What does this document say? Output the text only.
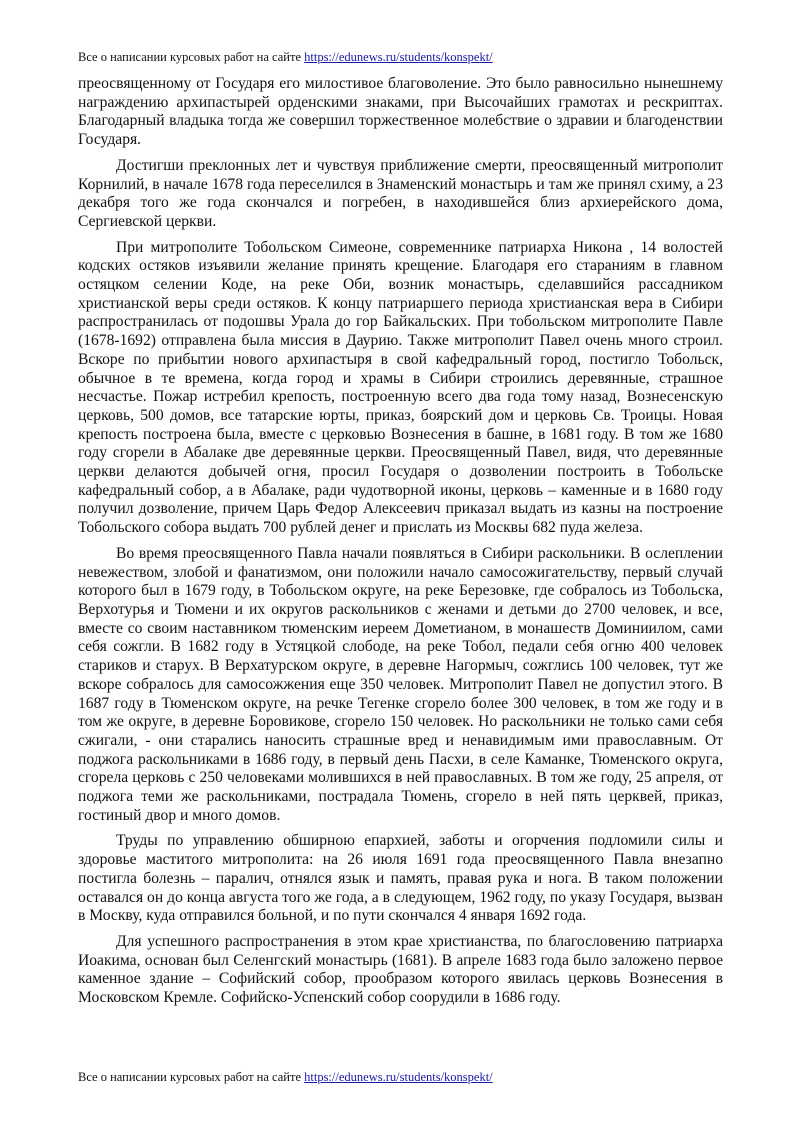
Все о написании курсовых работ на сайте https://edunews.ru/students/konspekt/

преосвященному от Государя его милостивое благоволение. Это было равносильно нынешнему награждению архипастырей орденскими знаками, при Высочайших грамотах и рескриптах. Благодарный владыка тогда же совершил торжественное молебствие о здравии и благоденствии Государя.

Достигши преклонных лет и чувствуя приближение смерти, преосвященный митрополит Корнилий, в начале 1678 года переселился в Знаменский монастырь и там же принял схиму, а 23 декабря того же года скончался и погребен, в находившейся близ архиерейского дома, Сергиевской церкви.

При митрополите Тобольском Симеоне, современнике патриарха Никона , 14 волостей кодских остяков изъявили желание принять крещение. Благодаря его стараниям в главном остяцком селении Коде, на реке Оби, возник монастырь, сделавшийся рассадником христианской веры среди остяков. К концу патриаршего периода христианская вера в Сибири распространилась от подошвы Урала до гор Байкальских. При тобольском митрополите Павле (1678-1692) отправлена была миссия в Даурию. Также митрополит Павел очень много строил. Вскоре по прибытии нового архипастыря в свой кафедральный город, постигло Тобольск, обычное в те времена, когда город и храмы в Сибири строились деревянные, страшное несчастье. Пожар истребил крепость, построенную всего два года тому назад, Вознесенскую церковь, 500 домов, все татарские юрты, приказ, боярский дом и церковь Св. Троицы. Новая крепость построена была, вместе с церковью Вознесения в башне, в 1681 году. В том же 1680 году сгорели в Абалаке две деревянные церкви. Преосвященный Павел, видя, что деревянные церкви делаются добычей огня, просил Государя о дозволении построить в Тобольске кафедральный собор, а в Абалаке, ради чудотворной иконы, церковь – каменные и в 1680 году получил дозволение, причем Царь Федор Алексеевич приказал выдать из казны на построение Тобольского собора выдать 700 рублей денег и прислать из Москвы 682 пуда железа.

Во время преосвященного Павла начали появляться в Сибири раскольники. В ослеплении невежеством, злобой и фанатизмом, они положили начало самосожигательству, первый случай которого был в 1679 году, в Тобольском округе, на реке Березовке, где собралось из Тобольска, Верхотурья и Тюмени и их округов раскольников с женами и детьми до 2700 человек, и все, вместе со своим наставником тюменским иереем Дометианом, в монашеств Доминиилом, сами себя сожгли. В 1682 году в Устяцкой слободе, на реке Тобол, педали себя огню 400 человек стариков и старух. В Верхатурском округе, в деревне Нагормыч, сожглись 100 человек, тут же вскоре собралось для самосожжения еще 350 человек. Митрополит Павел не допустил этого. В 1687 году в Тюменском округе, на речке Тегенке сгорело более 300 человек, в том же году и в том же округе, в деревне Боровикове, сгорело 150 человек. Но раскольники не только сами себя сжигали, - они старались наносить страшные вред и ненавидимым ими православным. От поджога раскольниками в 1686 году, в первый день Пасхи, в селе Каманке, Тюменского округа, сгорела церковь с 250 человеками молившихся в ней православных. В том же году, 25 апреля, от поджога теми же раскольниками, пострадала Тюмень, сгорело в ней пять церквей, приказ, гостиный двор и много домов.

Труды по управлению обширною епархией, заботы и огорчения подломили силы и здоровье маститого митрополита: на 26 июля 1691 года преосвященного Павла внезапно постигла болезнь – паралич, отнялся язык и память, правая рука и нога. В таком положении оставался он до конца августа того же года, а в следующем, 1962 году, по указу Государя, вызван в Москву, куда отправился больной, и по пути скончался 4 января 1692 года.

Для успешного распространения в этом крае христианства, по благословению патриарха Иоакима, основан был Селенгский монастырь (1681). В апреле 1683 года было заложено первое каменное здание – Софийский собор, прообразом которого явилась церковь Вознесения в Московском Кремле. Софийско-Успенский собор соорудили в 1686 году.

Все о написании курсовых работ на сайте https://edunews.ru/students/konspekt/
